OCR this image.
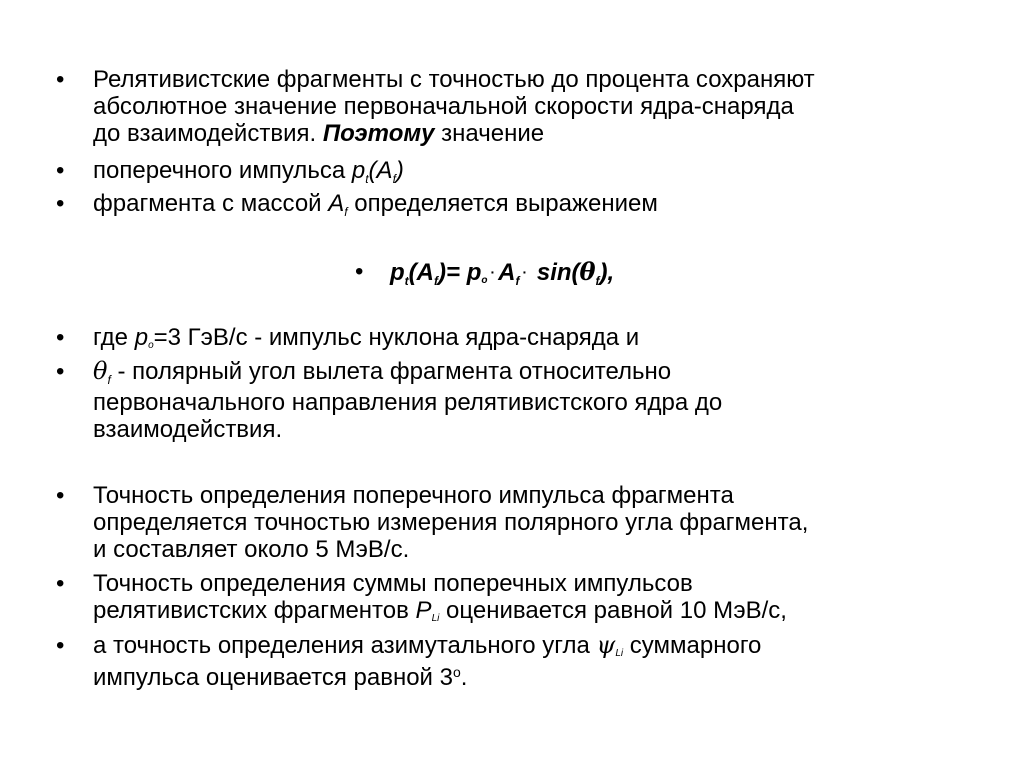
•	Релятивистские фрагменты с точностью до процента сохраняют
абсолютное значение первоначальной скорости ядра-снаряда
до взаимодействия. Поэтому значение
•	поперечного импульса $p_t(A_f)$
•	фрагмента с массой $A_f$ определяется выражением
•	$p_t(A_f)= po\cdot A_f\cdot \sin(\theta_f)$,
•	где po=3 ГэВ/с - импульс нуклона ядра-снаряда и
•	$\theta_f$ - полярный угол вылета фрагмента относительно
первоначального направления релятивистского ядра до
взаимодействия.
•	Точность определения поперечного импульса фрагмента
определяется точностью измерения полярного угла фрагмента,
и составляет около 5 МэВ/с.
•	Точность определения суммы поперечных импульсов
релятивистских фрагментов PLi оценивается равной 10 МэВ/с,
•	а точность определения азимутального угла ψLi суммарного
импульса оценивается равной 3$^o$.
